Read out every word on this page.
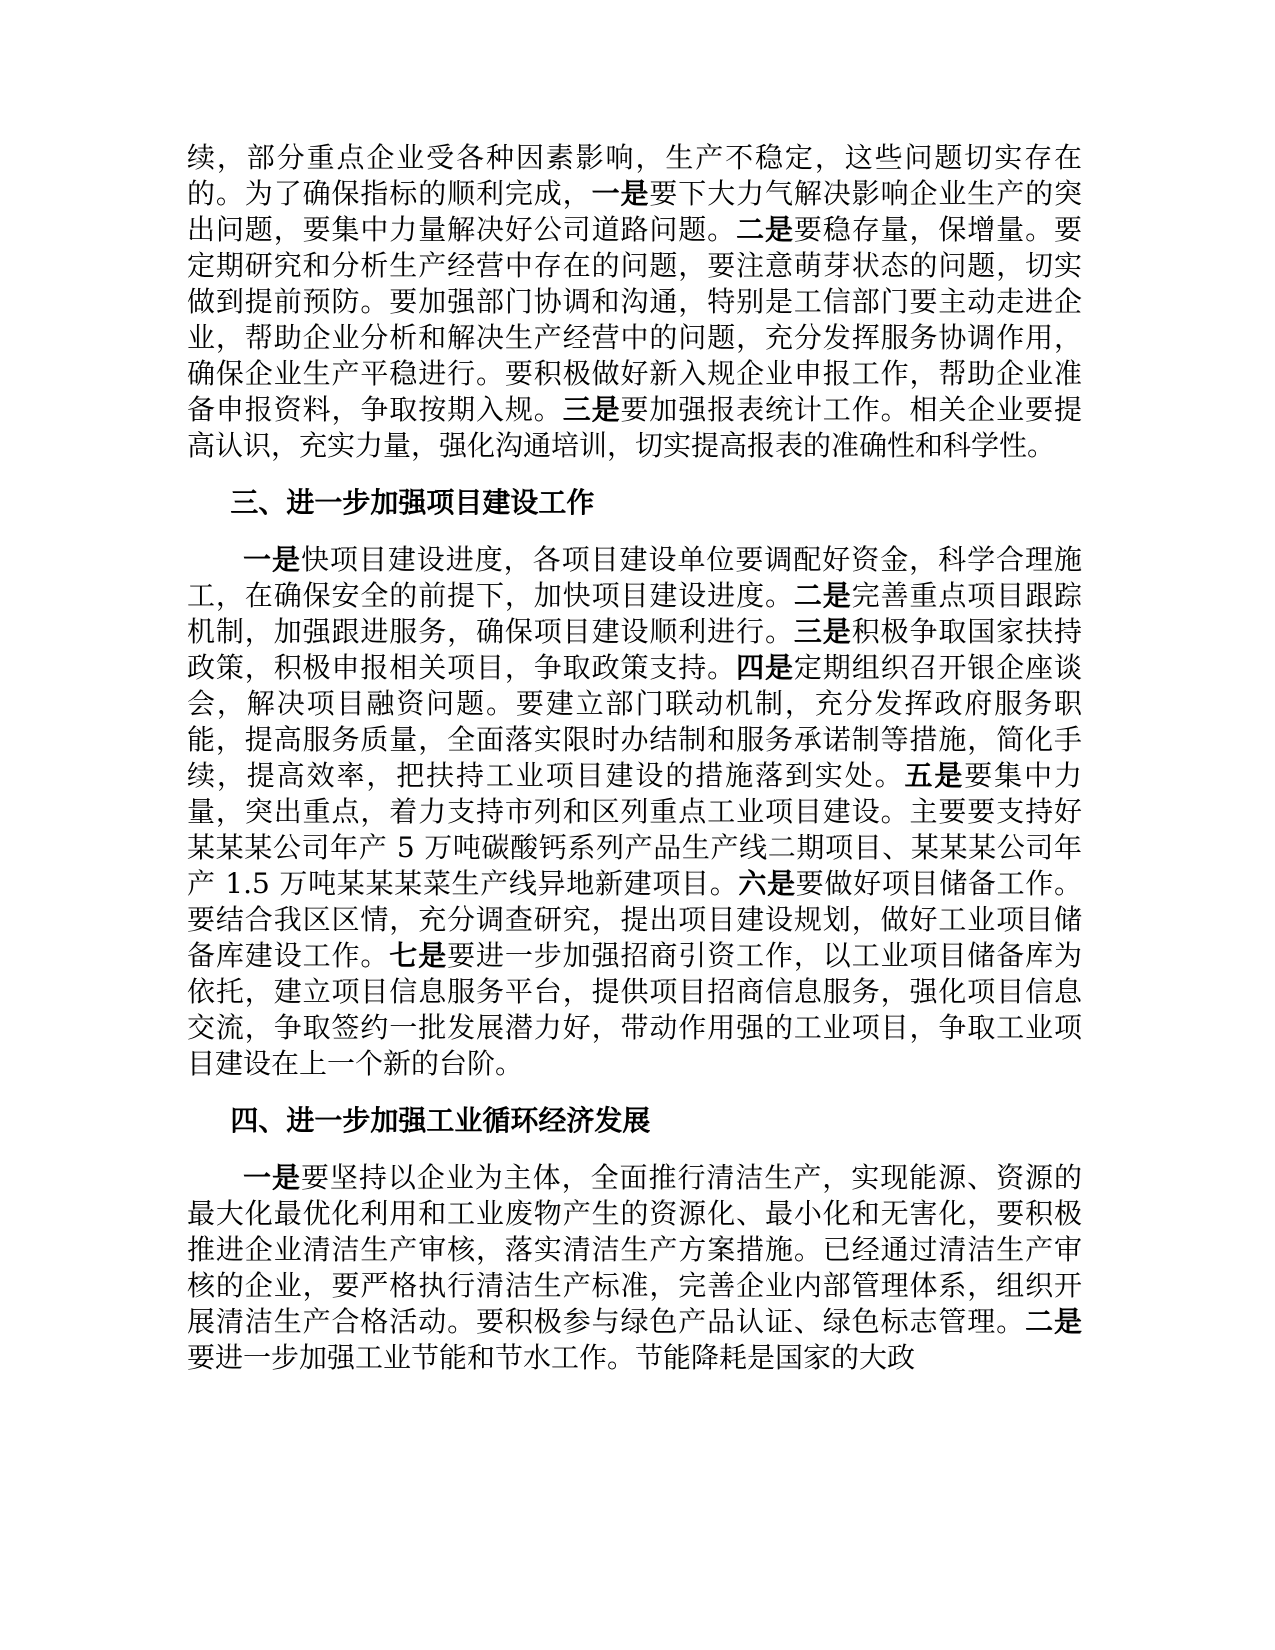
续，部分重点企业受各种因素影响，生产不稳定，这些问题切实存在的。为了确保指标的顺利完成，一是要下大力气解决影响企业生产的突出问题，要集中力量解决好公司道路问题。二是要稳存量，保增量。要定期研究和分析生产经营中存在的问题，要注意萌芽状态的问题，切实做到提前预防。要加强部门协调和沟通，特别是工信部门要主动走进企业，帮助企业分析和解决生产经营中的问题，充分发挥服务协调作用，确保企业生产平稳进行。要积极做好新入规企业申报工作，帮助企业准备申报资料，争取按期入规。三是要加强报表统计工作。相关企业要提高认识，充实力量，强化沟通培训，切实提高报表的准确性和科学性。

三、进一步加强项目建设工作

一是快项目建设进度，各项目建设单位要调配好资金，科学合理施工，在确保安全的前提下，加快项目建设进度。二是完善重点项目跟踪机制，加强跟进服务，确保项目建设顺利进行。三是积极争取国家扶持政策，积极申报相关项目，争取政策支持。四是定期组织召开银企座谈会，解决项目融资问题。要建立部门联动机制，充分发挥政府服务职能，提高服务质量，全面落实限时办结制和服务承诺制等措施，简化手续，提高效率，把扶持工业项目建设的措施落到实处。五是要集中力量，突出重点，着力支持市列和区列重点工业项目建设。主要要支持好某某某公司年产 5 万吨碳酸钙系列产品生产线二期项目、某某某公司年产 1.5 万吨某某某菜生产线异地新建项目。六是要做好项目储备工作。要结合我区区情，充分调查研究，提出项目建设规划，做好工业项目储备库建设工作。七是要进一步加强招商引资工作，以工业项目储备库为依托，建立项目信息服务平台，提供项目招商信息服务，强化项目信息交流，争取签约一批发展潜力好，带动作用强的工业项目，争取工业项目建设在上一个新的台阶。

四、进一步加强工业循环经济发展

一是要坚持以企业为主体，全面推行清洁生产，实现能源、资源的最大化最优化利用和工业废物产生的资源化、最小化和无害化，要积极推进企业清洁生产审核，落实清洁生产方案措施。已经通过清洁生产审核的企业，要严格执行清洁生产标准，完善企业内部管理体系，组织开展清洁生产合格活动。要积极参与绿色产品认证、绿色标志管理。二是要进一步加强工业节能和节水工作。节能降耗是国家的大政
